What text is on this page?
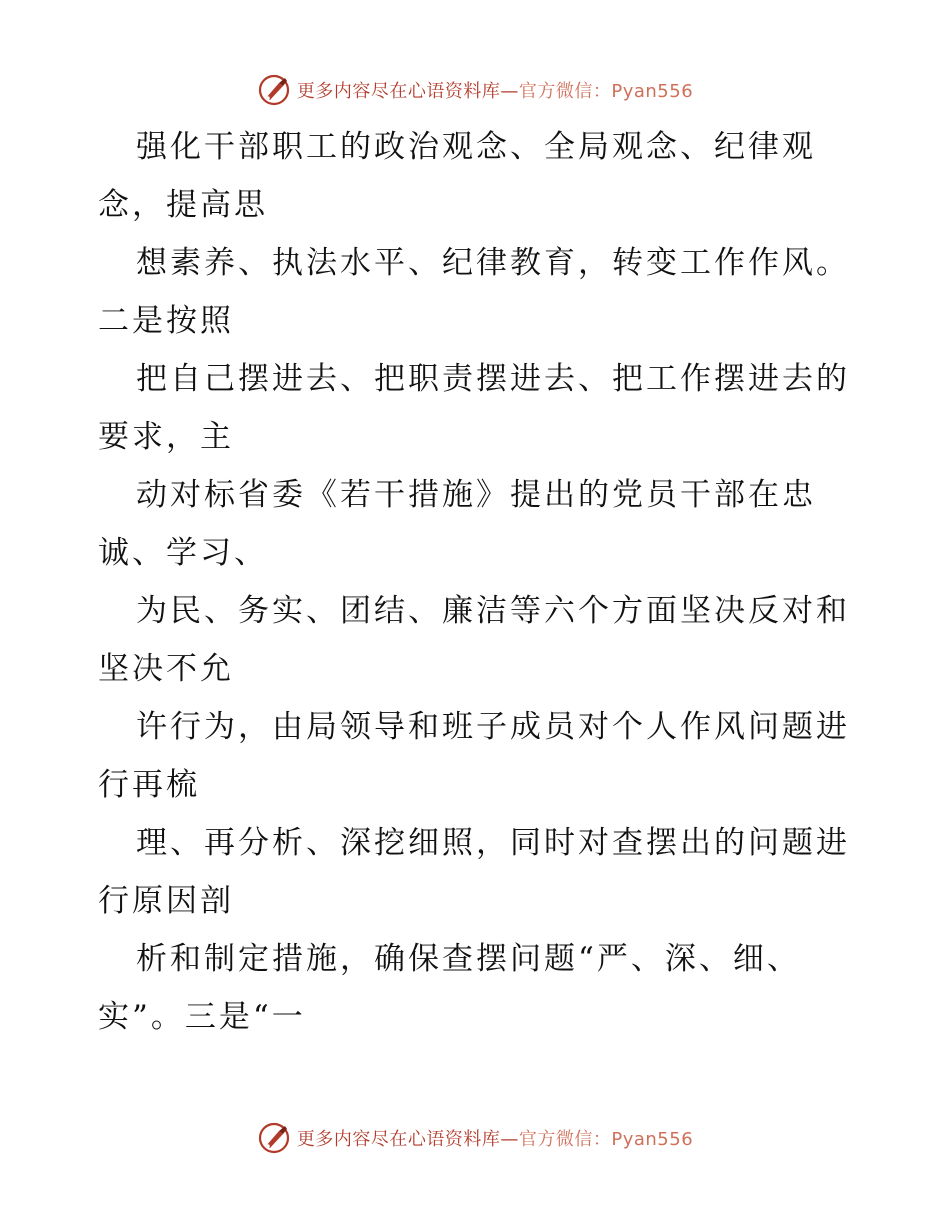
更多内容尽在心语资料库—官方微信：Pyan556
强化干部职工的政治观念、全局观念、纪律观
念，提高思
想素养、执法水平、纪律教育，转变工作作风。
二是按照
把自己摆进去、把职责摆进去、把工作摆进去的
要求，主
动对标省委《若干措施》提出的党员干部在忠
诚、学习、
为民、务实、团结、廉洁等六个方面坚决反对和
坚决不允
许行为，由局领导和班子成员对个人作风问题进
行再梳
理、再分析、深挖细照，同时对查摆出的问题进
行原因剖
析和制定措施，确保查摆问题“严、深、细、
实”。三是“一
更多内容尽在心语资料库—官方微信：Pyan556
